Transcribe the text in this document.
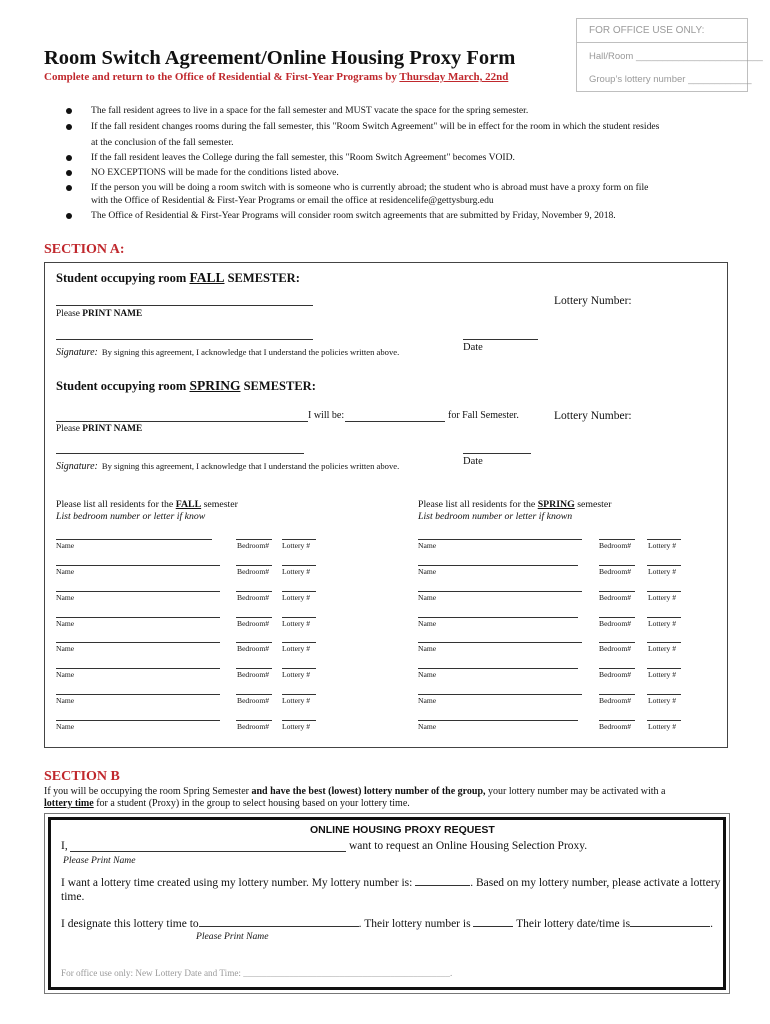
FOR OFFICE USE ONLY:
Hall/Room ________________________
Group’s lottery number ____________
Room Switch Agreement/Online Housing Proxy Form
Complete and return to the Office of Residential & First-Year Programs by Thursday March, 22nd
The fall resident agrees to live in a space for the fall semester and MUST vacate the space for the spring semester.
If the fall resident changes rooms during the fall semester, this "Room Switch Agreement" will be in effect for the room in which the student resides
at the conclusion of the fall semester.
If the fall resident leaves the College during the fall semester, this "Room Switch Agreement" becomes VOID.
NO EXCEPTIONS will be made for the conditions listed above.
If the person you will be doing a room switch with is someone who is currently abroad; the student who is abroad must have a proxy form on file
with the Office of Residential & First-Year Programs or email the office at residencelife@gettysburg.edu
The Office of Residential & First-Year Programs will consider room switch agreements that are submitted by Friday, November 9, 2018.
SECTION A:
Student occupying room FALL SEMESTER:
Lottery Number:
Please PRINT NAME
Signature: By signing this agreement, I acknowledge that I understand the policies written above.	Date
Student occupying room SPRING SEMESTER:
I will be:	for Fall Semester.	Lottery Number:
Please PRINT NAME
Signature: By signing this agreement, I acknowledge that I understand the policies written above.	Date
Please list all residents for the FALL semester
List bedroom number or letter if know
Please list all residents for the SPRING semester
List bedroom number or letter if known
Name	Bedroom# Lottery #
Name	Bedroom# Lottery #
Name	Bedroom# Lottery #
Name	Bedroom# Lottery #
Name	Bedroom# Lottery #
Name	Bedroom# Lottery #
Name	Bedroom# Lottery #
Name	Bedroom# Lottery #
Name	Bedroom# Lottery #
Name	Bedroom# Lottery #
Name	Bedroom# Lottery #
Name	Bedroom# Lottery #
Name	Bedroom# Lottery #
Name	Bedroom# Lottery #
Name	Bedroom# Lottery #
Name	Bedroom# Lottery #
SECTION B
If you will be occupying the room Spring Semester and have the best (lowest) lottery number of the group, your lottery number may be activated with a
lottery time for a student (Proxy) in the group to select housing based on your lottery time.
ONLINE HOUSING PROXY REQUEST
I,	want to request an Online Housing Selection Proxy.
Please Print Name
I want a lottery time created using my lottery number. My lottery number is:	. Based on my lottery number, please activate a lottery
time.
I designate this lottery time to	. Their lottery number is	Their lottery date/time is	.
Please Print Name
For office use only: New Lottery Date and Time: _____________________________________________.
